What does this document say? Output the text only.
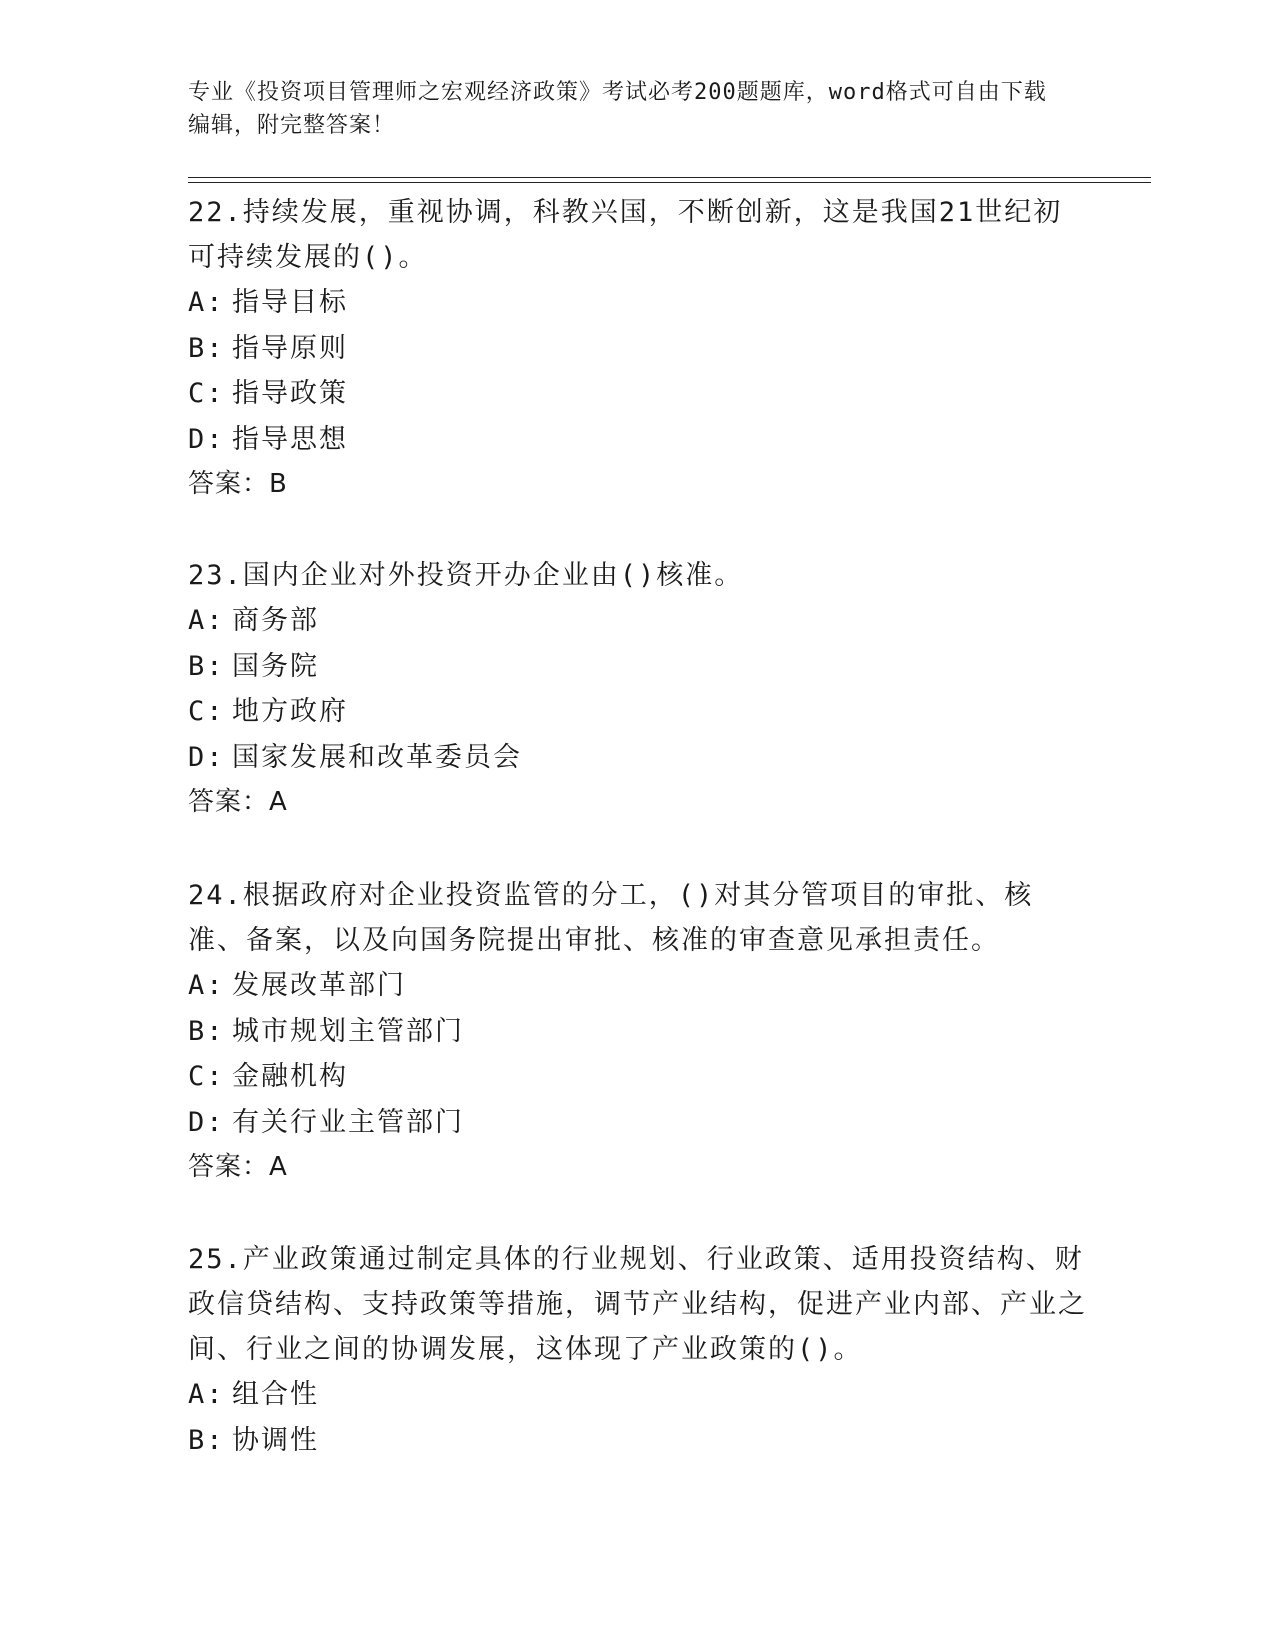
专业《投资项目管理师之宏观经济政策》考试必考200题题库，word格式可自由下载编辑，附完整答案！

22.持续发展，重视协调，科教兴国，不断创新，这是我国21世纪初可持续发展的()。

A: 指导目标

B: 指导原则

C: 指导政策

D: 指导思想

答案：B

23.国内企业对外投资开办企业由()核准。

A: 商务部

B: 国务院

C: 地方政府

D: 国家发展和改革委员会

答案：A

24.根据政府对企业投资监管的分工，()对其分管项目的审批、核准、备案，以及向国务院提出审批、核准的审查意见承担责任。

A: 发展改革部门

B: 城市规划主管部门

C: 金融机构

D: 有关行业主管部门

答案：A

25.产业政策通过制定具体的行业规划、行业政策、适用投资结构、财政信贷结构、支持政策等措施，调节产业结构，促进产业内部、产业之间、行业之间的协调发展，这体现了产业政策的()。

A: 组合性

B: 协调性
